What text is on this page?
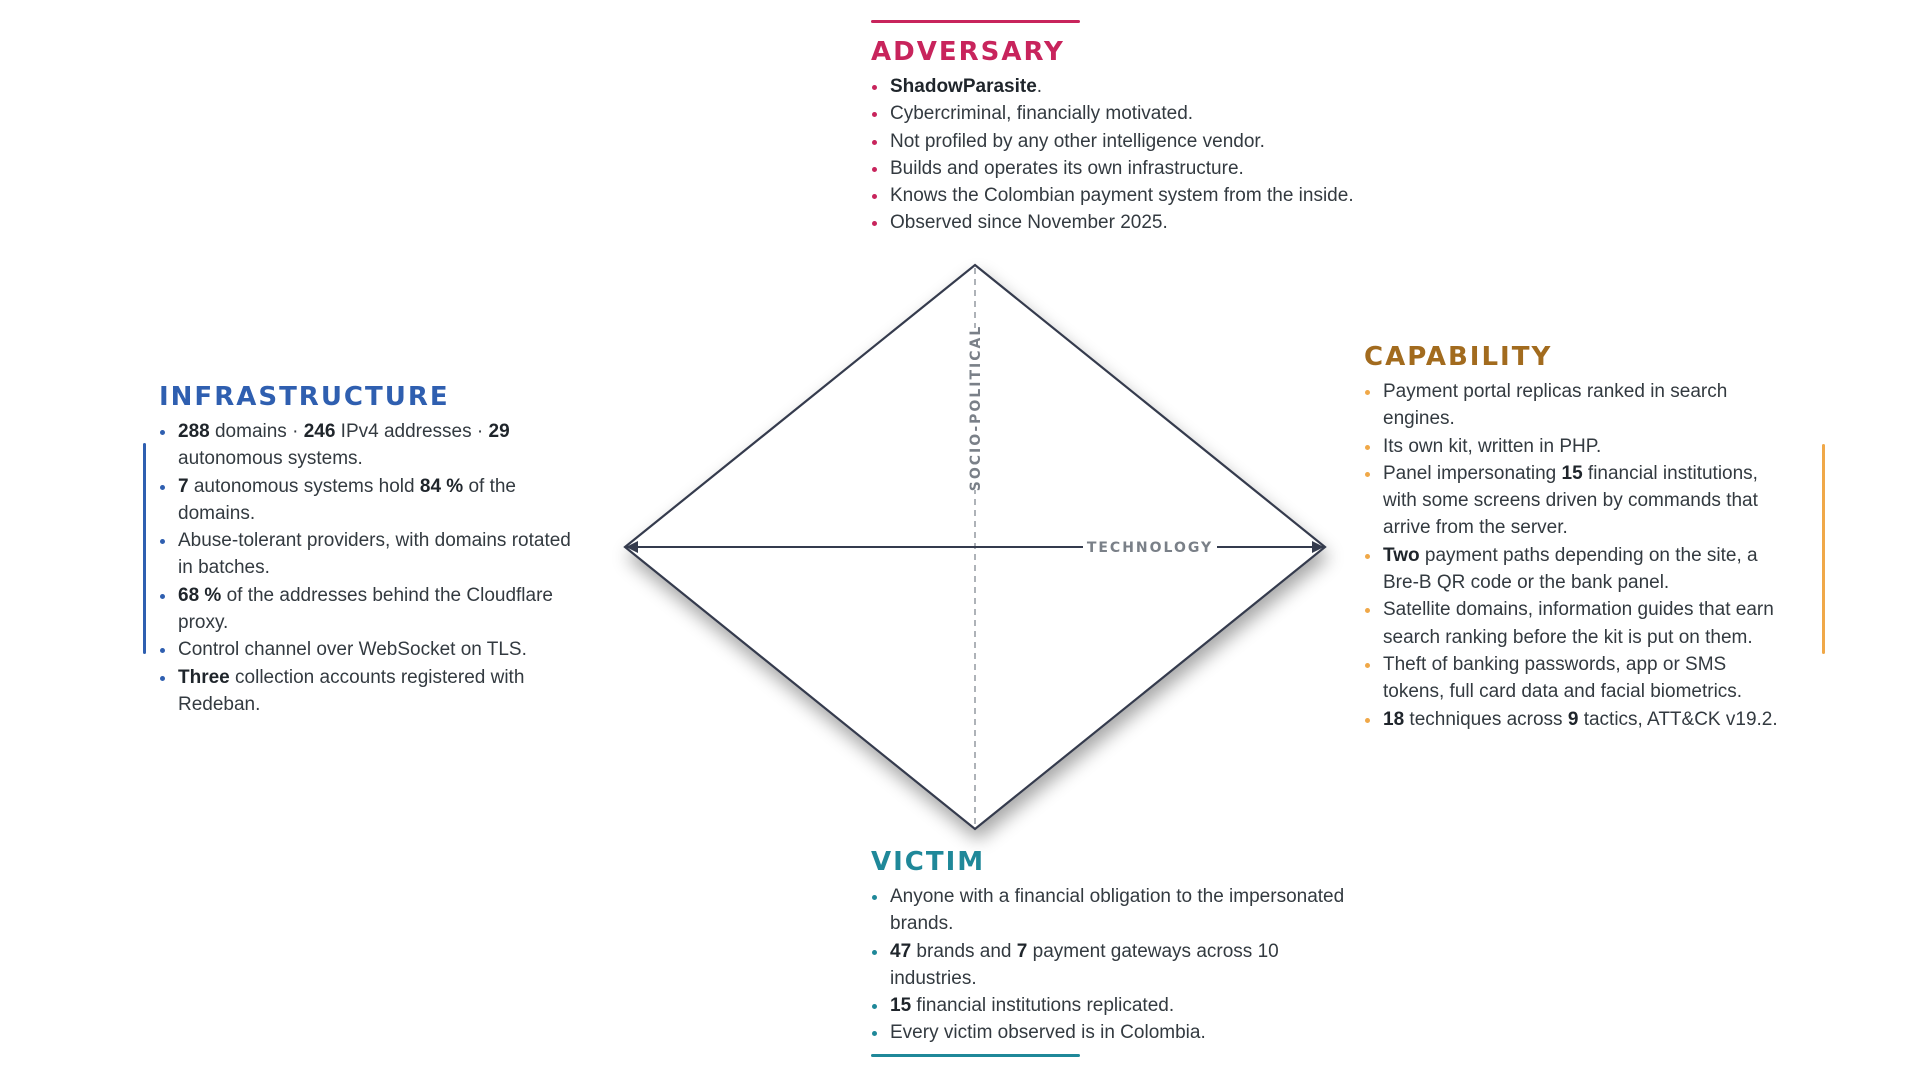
SOCIO-POLITICAL
TECHNOLOGY
ADVERSARY
ShadowParasite.
Cybercriminal, financially motivated.
Not profiled by any other intelligence vendor.
Builds and operates its own infrastructure.
Knows the Colombian payment system from the inside.
Observed since November 2025.
INFRASTRUCTURE
288 domains · 246 IPv4 addresses · 29 autonomous systems.
7 autonomous systems hold 84 % of the domains.
Abuse-tolerant providers, with domains rotated in batches.
68 % of the addresses behind the Cloudflare proxy.
Control channel over WebSocket on TLS.
Three collection accounts registered with Redeban.
CAPABILITY
Payment portal replicas ranked in search engines.
Its own kit, written in PHP.
Panel impersonating 15 financial institutions, with some screens driven by commands that arrive from the server.
Two payment paths depending on the site, a Bre-B QR code or the bank panel.
Satellite domains, information guides that earn search ranking before the kit is put on them.
Theft of banking passwords, app or SMS tokens, full card data and facial biometrics.
18 techniques across 9 tactics, ATT&CK v19.2.
VICTIM
Anyone with a financial obligation to the impersonated brands.
47 brands and 7 payment gateways across 10 industries.
15 financial institutions replicated.
Every victim observed is in Colombia.
